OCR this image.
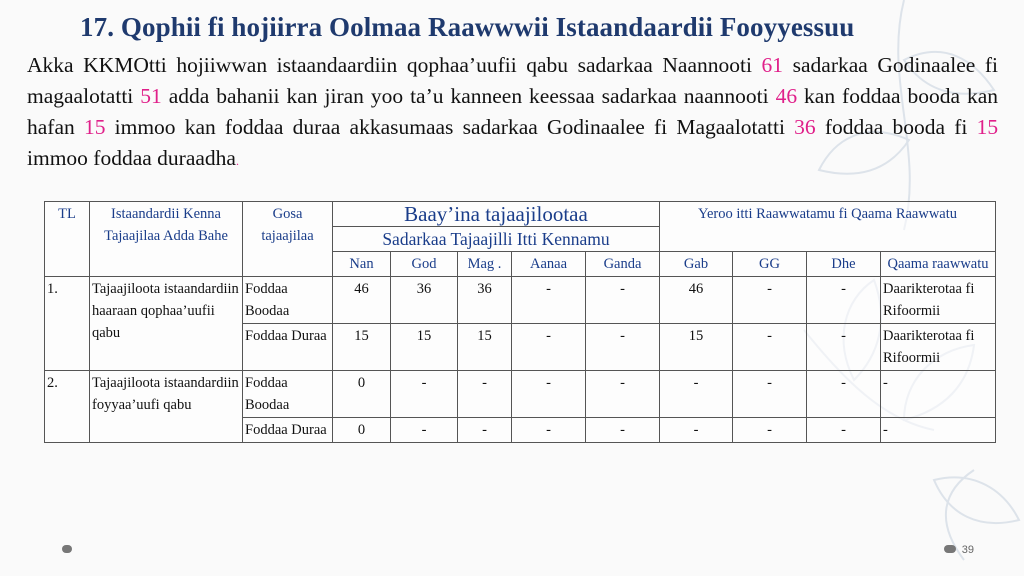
17. Qophii fi hojiirra Oolmaa Raawwwii Istaandaardii Fooyyessuu
Akka KKMOtti hojiiwwan istaandaardiin qophaa’uufii qabu sadarkaa Naannooti 61 sadarkaa Godinaalee fi magaalotatti 51 adda bahanii kan jiran yoo ta’u kanneen keessaa sadarkaa naannooti 46 kan foddaa booda kan hafan 15 immoo kan foddaa duraa akkasumaas sadarkaa Godinaalee fi Magaalotatti 36 foddaa booda fi 15 immoo foddaa duraadha.
TL	Istaandardii Kenna Tajaajilaa Adda Bahe	Gosa tajaajilaa	Baay’ina tajaajilootaa					Yeroo itti Raawwatamu fi Qaama Raawwatu			
			Sadarkaa Tajaajilli Itti Kennamu								
			Nan	God	Mag .	Aanaa	Ganda	Gab	GG	Dhe	Qaama raawwatu
1.	Tajaajiloota istaandardiin haaraan qophaa’uufii qabu	Foddaa Boodaa	46	36	36	-	-	46	-	-	Daarikterotaa fi Rifoormii
		Foddaa Duraa	15	15	15	-	-	15	-	-	Daarikterotaa fi Rifoormii
2.	Tajaajiloota istaandardiin foyyaa’uufi qabu	Foddaa Boodaa	0	-	-	-	-	-	-	-	-
		Foddaa Duraa	0	-	-	-	-	-	-	-	-
39
